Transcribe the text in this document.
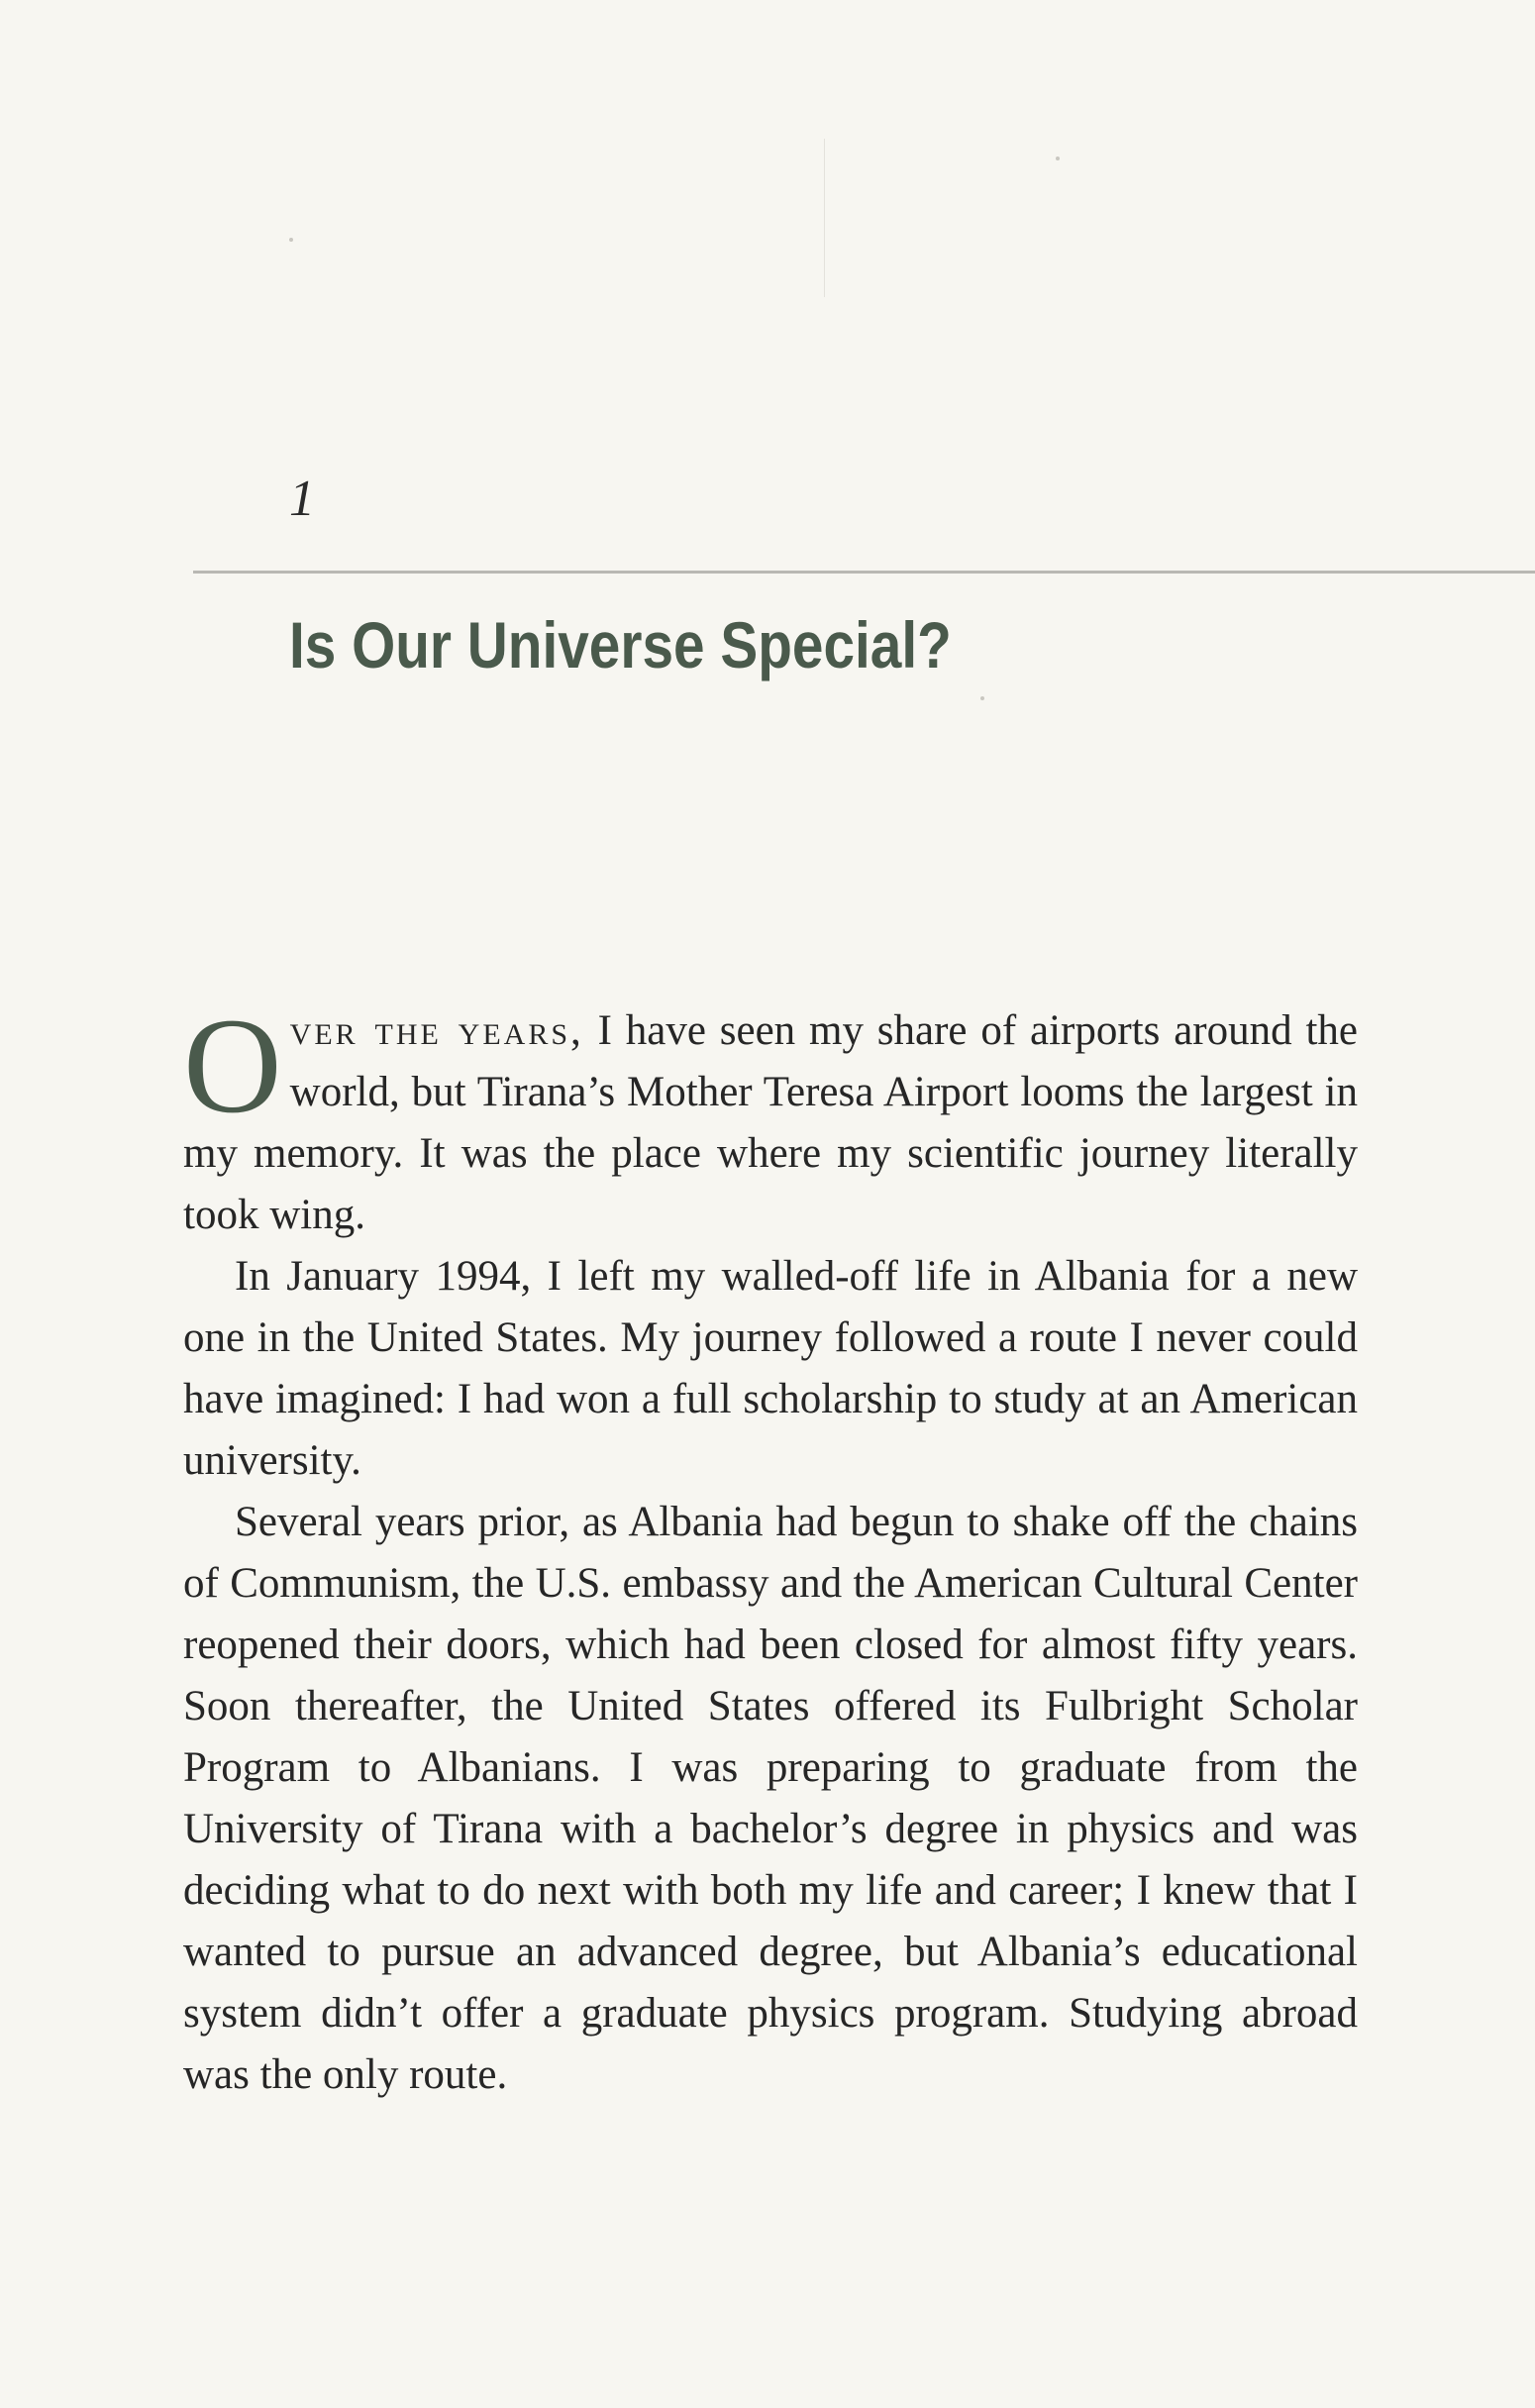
1
Is Our Universe Special?

Over the years, I have seen my share of airports around the world, but Tirana’s Mother Teresa Airport looms the largest in my memory. It was the place where my scientific journey literally took wing.

In January 1994, I left my walled-off life in Albania for a new one in the United States. My journey followed a route I never could have imagined: I had won a full scholarship to study at an American university.

Several years prior, as Albania had begun to shake off the chains of Communism, the U.S. embassy and the American Cultural Center reopened their doors, which had been closed for almost fifty years. Soon thereafter, the United States offered its Fulbright Scholar Program to Albanians. I was preparing to graduate from the University of Tirana with a bachelor’s degree in physics and was deciding what to do next with both my life and career; I knew that I wanted to pursue an advanced degree, but Albania’s educational system didn’t offer a graduate physics program. Studying abroad was the only route.
